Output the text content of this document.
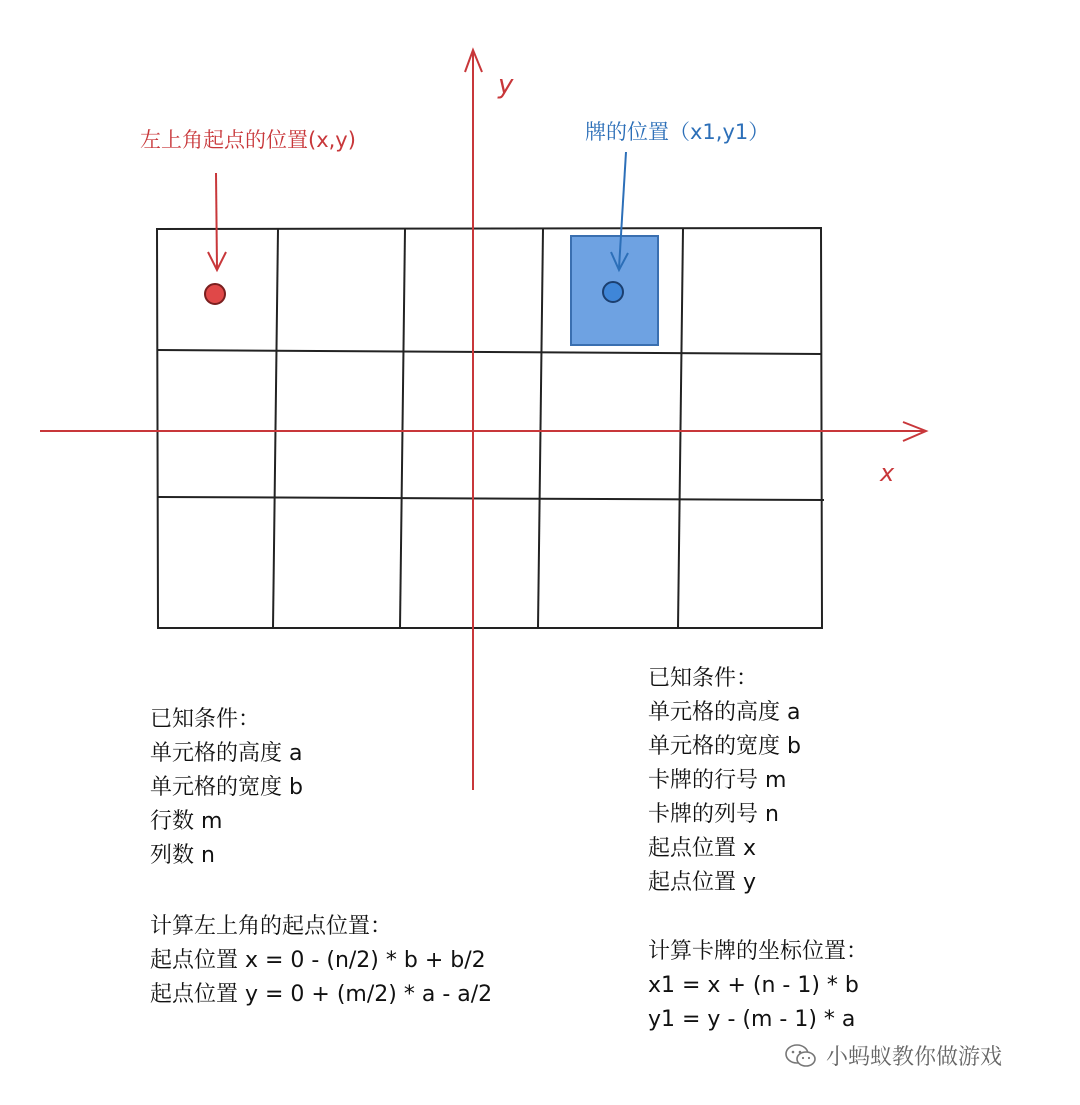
x
y
左上角起点的位置(x,y)	牌的位置（x1,y1）
已知条件：
单元格的高度 a
单元格的宽度 b
行数 m
列数 n
计算左上角的起点位置：
起点位置 x = 0 - (n/2) * b + b/2
起点位置 y = 0 + (m/2) * a - a/2
已知条件：
单元格的高度 a
单元格的宽度 b
卡牌的行号 m
卡牌的列号 n
起点位置 x
起点位置 y
计算卡牌的坐标位置：
x1 = x + (n - 1) * b
y1 = y - (m - 1) * a
小蚂蚁教你做游戏
